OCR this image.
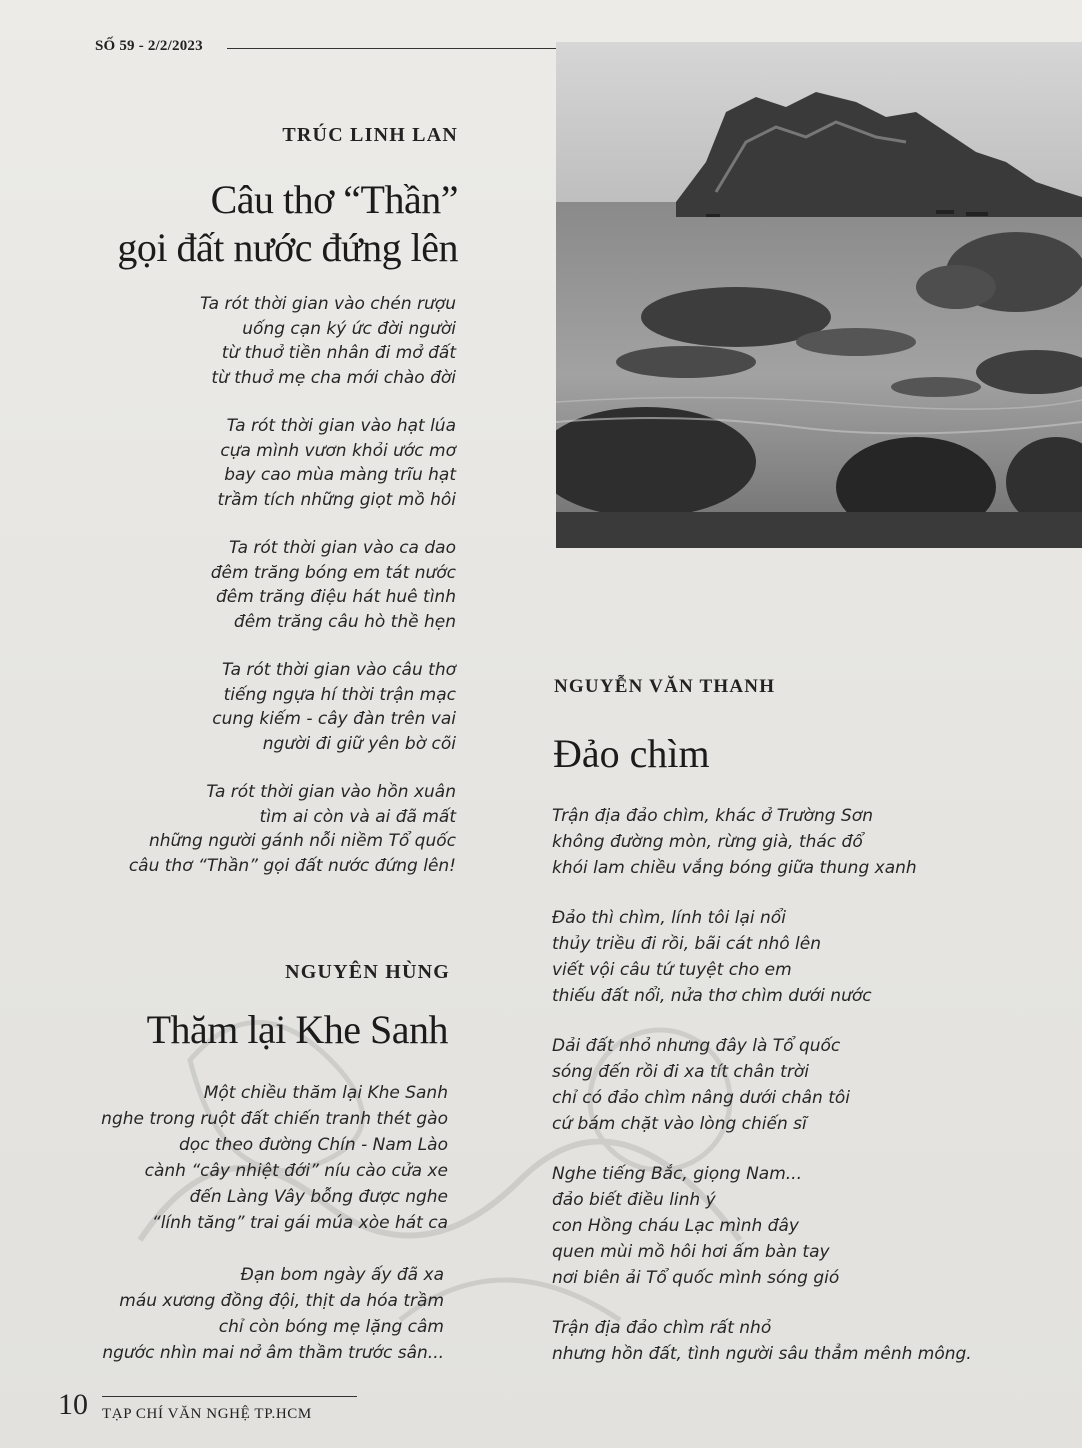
SỐ 59 - 2/2/2023
TRÚC LINH LAN
Câu thơ “Thần”
gọi đất nước đứng lên
Ta rót thời gian vào chén rượu
uống cạn ký ức đời người
từ thuở tiền nhân đi mở đất
từ thuở mẹ cha mới chào đời
Ta rót thời gian vào hạt lúa
cựa mình vươn khỏi ước mơ
bay cao mùa màng trĩu hạt
trầm tích những giọt mồ hôi
Ta rót thời gian vào ca dao
đêm trăng bóng em tát nước
đêm trăng điệu hát huê tình
đêm trăng câu hò thề hẹn
Ta rót thời gian vào câu thơ
tiếng ngựa hí thời trận mạc
cung kiếm - cây đàn trên vai
người đi giữ yên bờ cõi
Ta rót thời gian vào hồn xuân
tìm ai còn và ai đã mất
những người gánh nỗi niềm Tổ quốc
câu thơ “Thần” gọi đất nước đứng lên!
NGUYÊN HÙNG
Thăm lại Khe Sanh
Một chiều thăm lại Khe Sanh
nghe trong ruột đất chiến tranh thét gào
dọc theo đường Chín - Nam Lào
cành “cây nhiệt đới” níu cào cửa xe
đến Làng Vây bỗng được nghe
“lính tăng” trai gái múa xòe hát ca
Đạn bom ngày ấy đã xa
máu xương đồng đội, thịt da hóa trầm
chỉ còn bóng mẹ lặng câm
ngước nhìn mai nở âm thầm trước sân...
NGUYỄN VĂN THANH
Đảo chìm
Trận địa đảo chìm, khác ở Trường Sơn
không đường mòn, rừng già, thác đổ
khói lam chiều vắng bóng giữa thung xanh
Đảo thì chìm, lính tôi lại nổi
thủy triều đi rồi, bãi cát nhô lên
viết vội câu tứ tuyệt cho em
thiếu đất nổi, nửa thơ chìm dưới nước
Dải đất nhỏ nhưng đây là Tổ quốc
sóng đến rồi đi xa tít chân trời
chỉ có đảo chìm nâng dưới chân tôi
cứ bám chặt vào lòng chiến sĩ
Nghe tiếng Bắc, giọng Nam...
đảo biết điều linh ý
con Hồng cháu Lạc mình đây
quen mùi mồ hôi hơi ấm bàn tay
nơi biên ải Tổ quốc mình sóng gió
Trận địa đảo chìm rất nhỏ
nhưng hồn đất, tình người sâu thẳm mênh mông.
10 TẠP CHÍ VĂN NGHỆ TP.HCM
